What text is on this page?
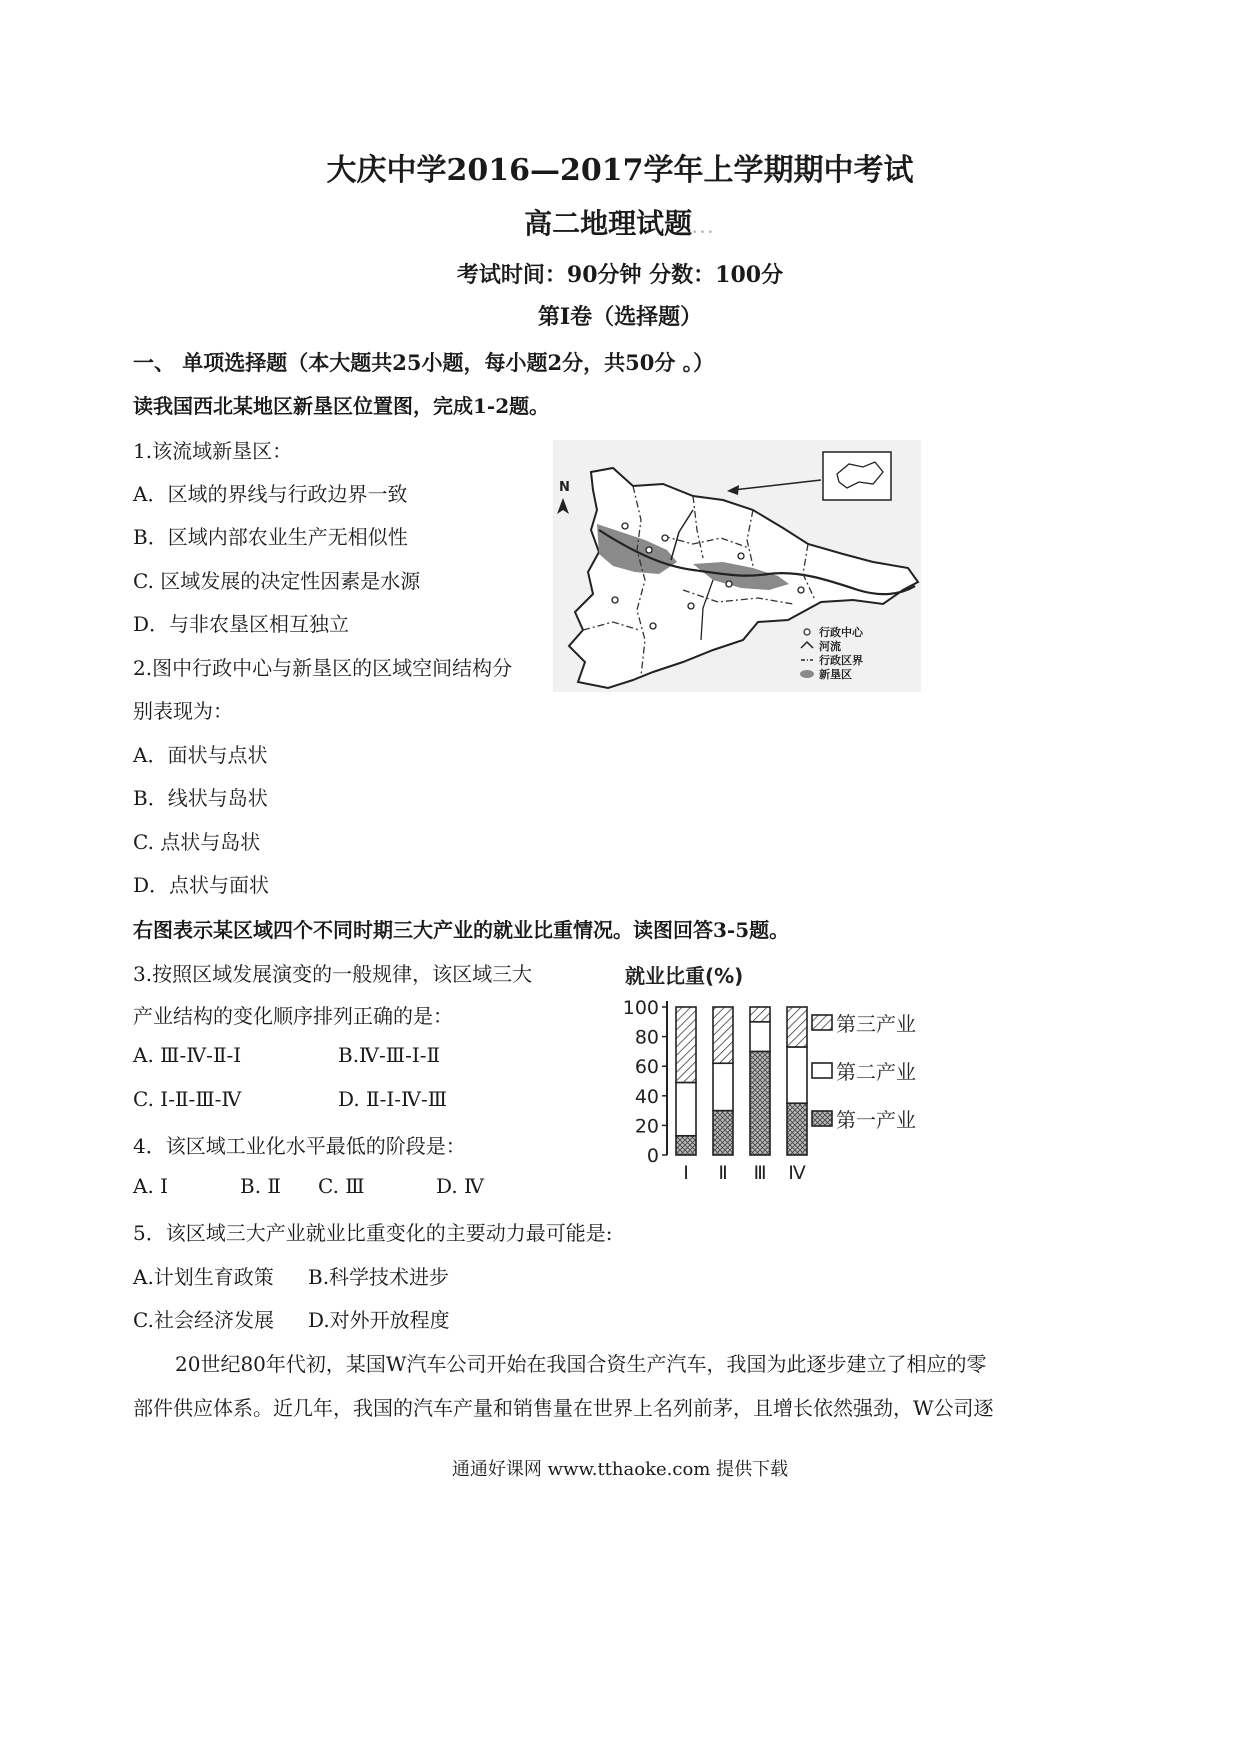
大庆中学2016—2017学年上学期期中考试
高二地理试题...
考试时间：90分钟 分数：100分
第Ⅰ卷（选择题）
一、 单项选择题（本大题共25小题，每小题2分，共50分 。）
读我国西北某地区新垦区位置图，完成1-2题。
1.该流域新垦区：
A．区域的界线与行政边界一致
B．区域内部农业生产无相似性
C. 区域发展的决定性因素是水源
D．与非农垦区相互独立
2.图中行政中心与新垦区的区域空间结构分
别表现为：
A．面状与点状
B．线状与岛状
C. 点状与岛状
D．点状与面状
N
行政中心
河流
行政区界
新垦区
右图表示某区域四个不同时期三大产业的就业比重情况。读图回答3-5题。
3.按照区域发展演变的一般规律，该区域三大
产业结构的变化顺序排列正确的是：
A. Ⅲ-Ⅳ-Ⅱ-Ⅰ	B.Ⅳ-Ⅲ-Ⅰ-Ⅱ
C. Ⅰ-Ⅱ-Ⅲ-Ⅳ	D. Ⅱ-Ⅰ-Ⅳ-Ⅲ
4．该区域工业化水平最低的阶段是：
A. Ⅰ	B. Ⅱ C. Ⅲ	D. Ⅳ
5．该区域三大产业就业比重变化的主要动力最可能是:
A.计划生育政策 B.科学技术进步
C.社会经济发展 D.对外开放程度
就业比重(%)
0
20
40
60
80
100
Ⅰ Ⅱ Ⅲ Ⅳ
第三产业
第二产业
第一产业
20世纪80年代初，某国W汽车公司开始在我国合资生产汽车，我国为此逐步建立了相应的零
部件供应体系。近几年，我国的汽车产量和销售量在世界上名列前茅，且增长依然强劲，W公司逐
通通好课网 www.tthaoke.com 提供下载
